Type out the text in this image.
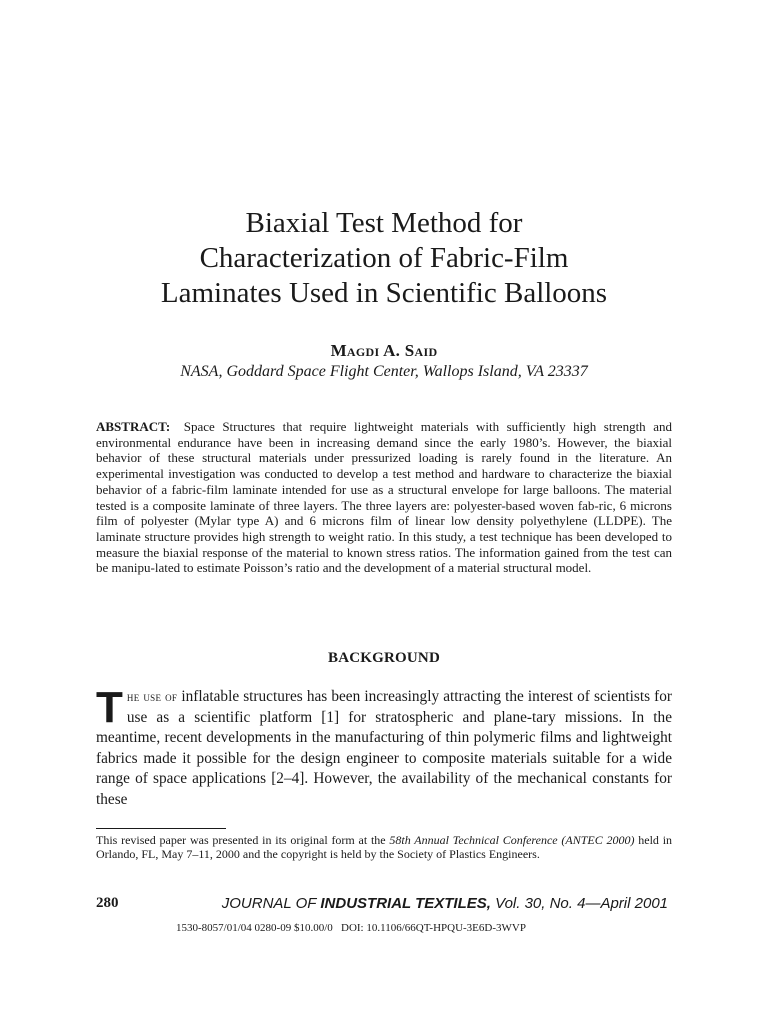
Biaxial Test Method for
Characterization of Fabric-Film
Laminates Used in Scientific Balloons
Magdi A. Said
NASA, Goddard Space Flight Center, Wallops Island, VA 23337

ABSTRACT: Space Structures that require lightweight materials with sufficiently high strength and environmental endurance have been in increasing demand since the early 1980’s. However, the biaxial behavior of these structural materials under pressurized loading is rarely found in the literature. An experimental investigation was conducted to develop a test method and hardware to characterize the biaxial behavior of a fabric-film laminate intended for use as a structural envelope for large balloons. The material tested is a composite laminate of three layers. The three layers are: polyester-based woven fab-ric, 6 microns film of polyester (Mylar type A) and 6 microns film of linear low density polyethylene (LLDPE). The laminate structure provides high strength to weight ratio. In this study, a test technique has been developed to measure the biaxial response of the material to known stress ratios. The information gained from the test can be manipu-lated to estimate Poisson’s ratio and the development of a material structural model.

BACKGROUND

T he use of inflatable structures has been increasingly attracting the interest of scientists for use as a scientific platform [1] for stratospheric and plane-tary missions. In the meantime, recent developments in the manufacturing of thin polymeric films and lightweight fabrics made it possible for the design engineer to composite materials suitable for a wide range of space applications [2–4]. However, the availability of the mechanical constants for these

This revised paper was presented in its original form at the 58th Annual Technical Conference (ANTEC 2000) held in Orlando, FL, May 7–11, 2000 and the copyright is held by the Society of Plastics Engineers.

280	JOURNAL OF INDUSTRIAL TEXTILES, Vol. 30, No. 4—April 2001
1530-8057/01/04 0280-09 $10.00/0   DOI: 10.1106/66QT-HPQU-3E6D-3WVP
